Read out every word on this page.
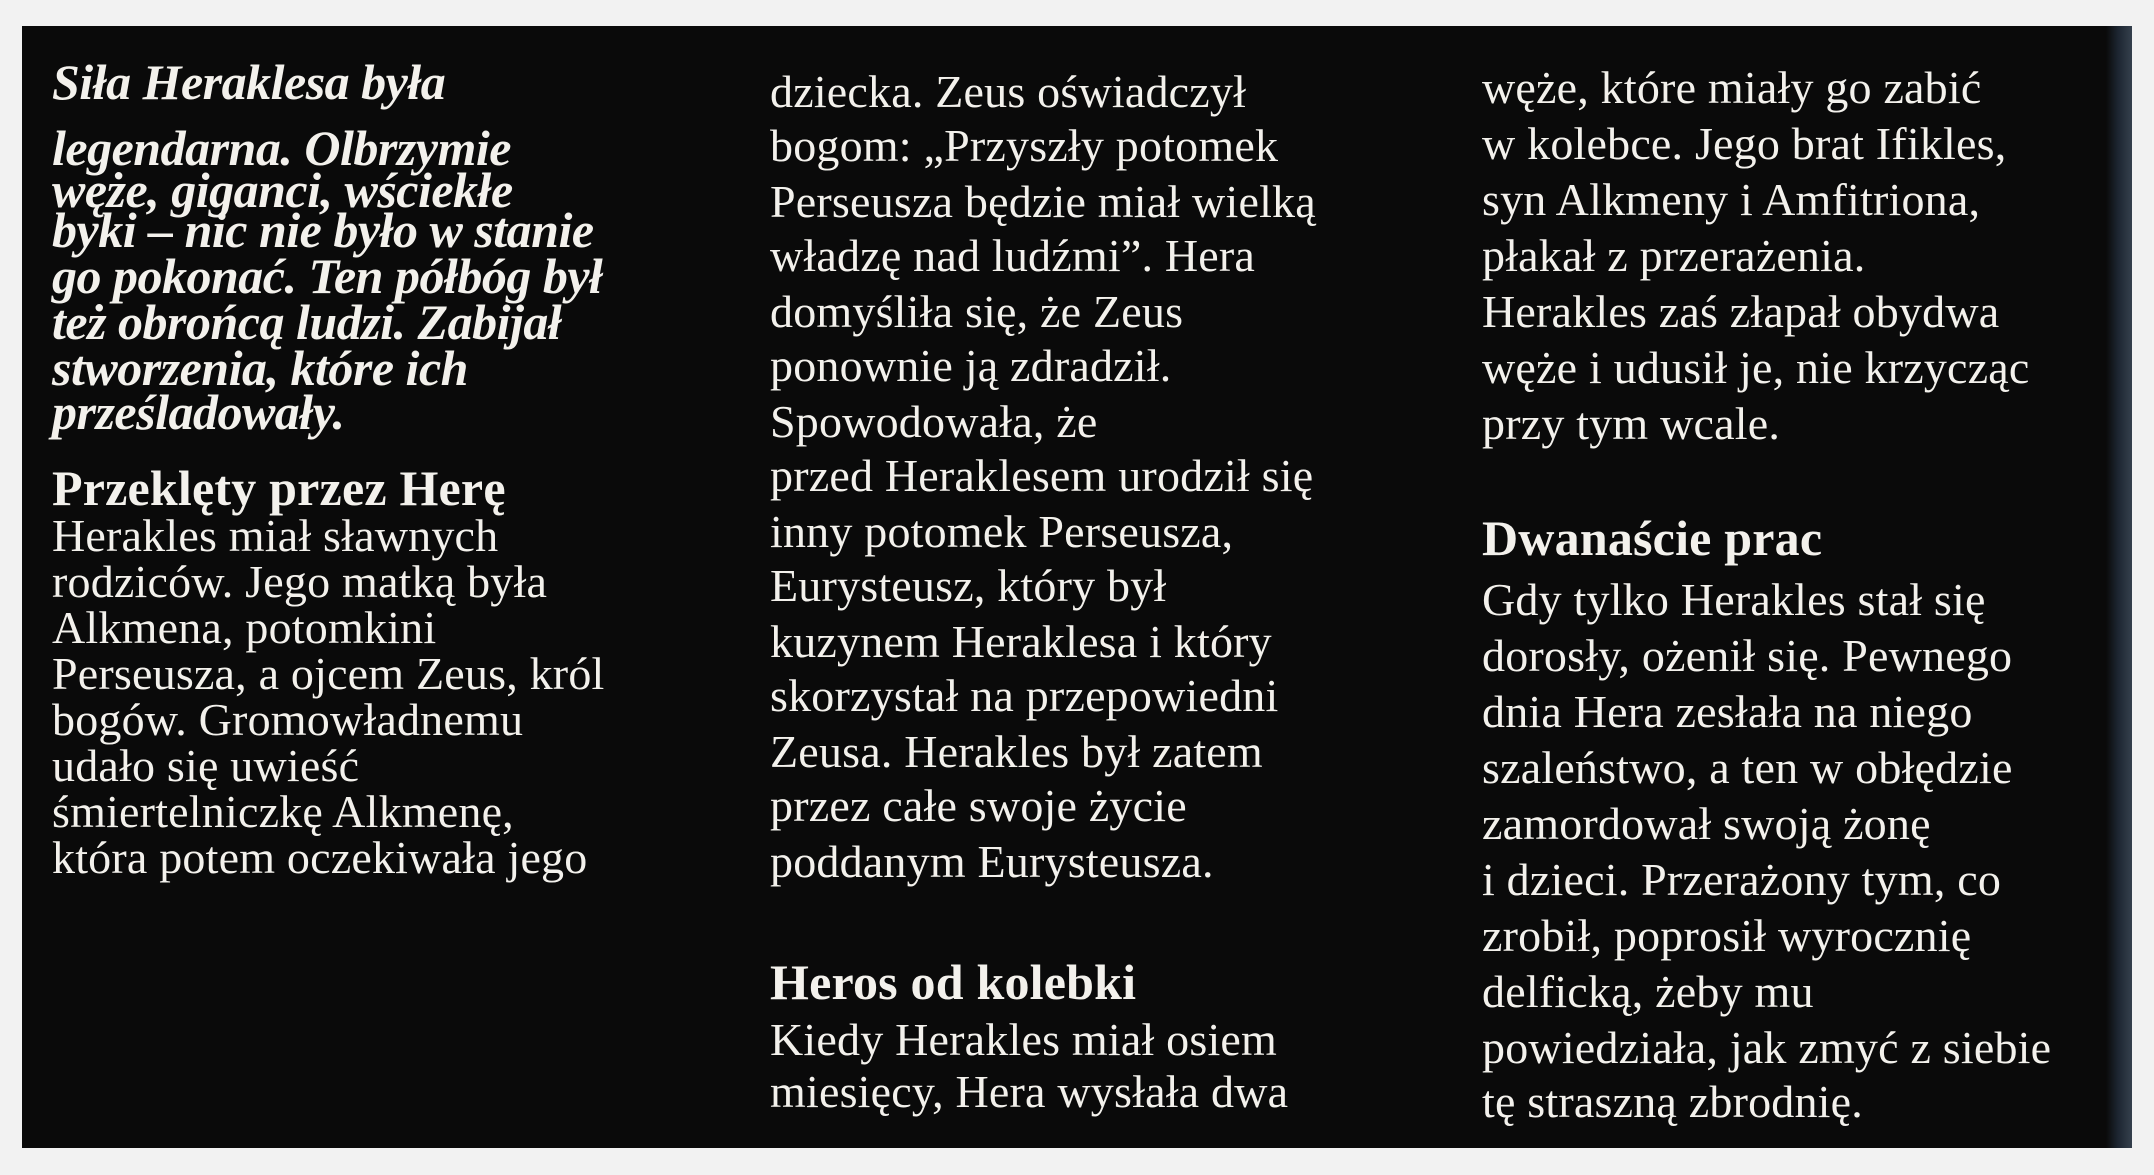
Siła Heraklesa była
legendarna. Olbrzymie
węże, giganci, wściekłe
byki – nic nie było w stanie
go pokonać. Ten półbóg był
też obrońcą ludzi. Zabijał
stworzenia, które ich
prześladowały.
Przeklęty przez Herę
Herakles miał sławnych
rodziców. Jego matką była
Alkmena, potomkini
Perseusza, a ojcem Zeus, król
bogów. Gromowładnemu
udało się uwieść
śmiertelniczkę Alkmenę,
która potem oczekiwała jego
dziecka. Zeus oświadczył
bogom: „Przyszły potomek
Perseusza będzie miał wielką
władzę nad ludźmi”. Hera
domyśliła się, że Zeus
ponownie ją zdradził.
Spowodowała, że
przed Heraklesem urodził się
inny potomek Perseusza,
Eurysteusz, który był
kuzynem Heraklesa i który
skorzystał na przepowiedni
Zeusa. Herakles był zatem
przez całe swoje życie
poddanym Eurysteusza.
Heros od kolebki
Kiedy Herakles miał osiem
miesięcy, Hera wysłała dwa
węże, które miały go zabić
w kolebce. Jego brat Ifikles,
syn Alkmeny i Amfitriona,
płakał z przerażenia.
Herakles zaś złapał obydwa
węże i udusił je, nie krzycząc
przy tym wcale.
Dwanaście prac
Gdy tylko Herakles stał się
dorosły, ożenił się. Pewnego
dnia Hera zesłała na niego
szaleństwo, a ten w obłędzie
zamordował swoją żonę
i dzieci. Przerażony tym, co
zrobił, poprosił wyrocznię
delficką, żeby mu
powiedziała, jak zmyć z siebie
tę straszną zbrodnię.
